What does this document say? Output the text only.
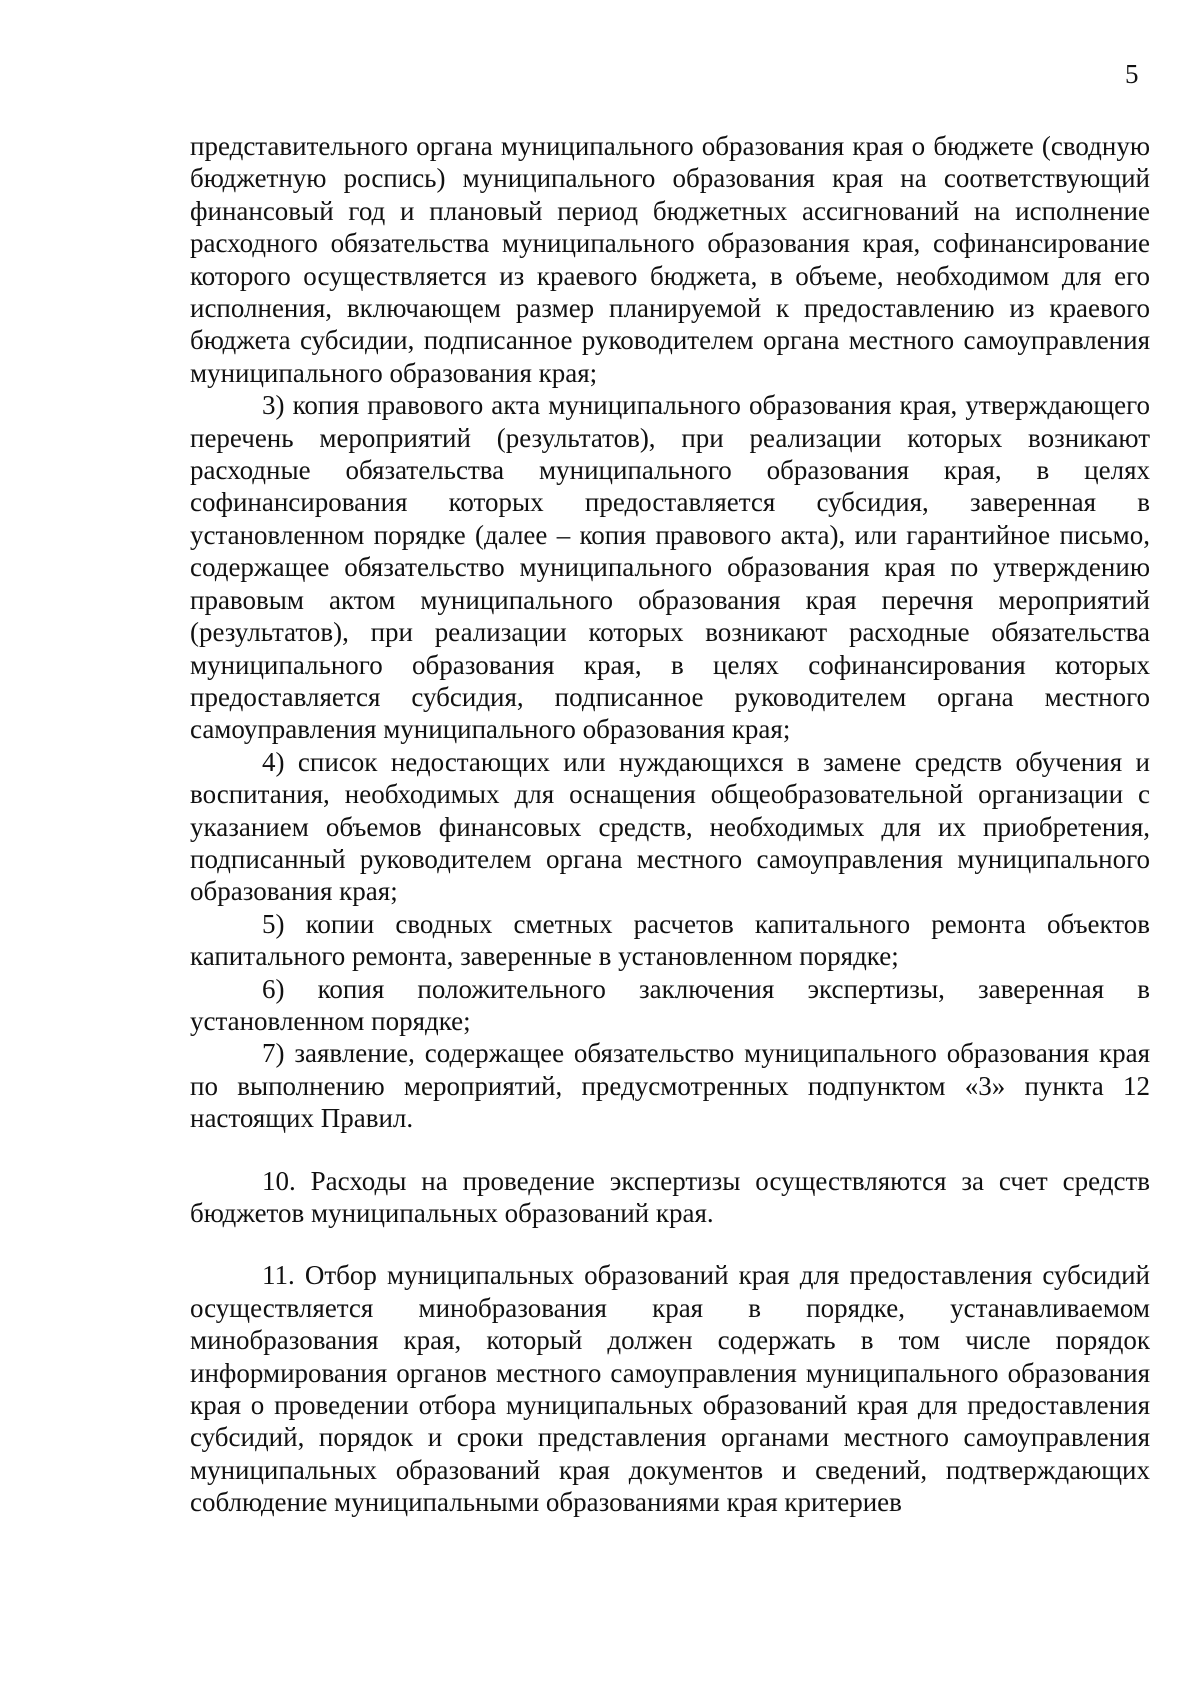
5

представительного органа муниципального образования края о бюджете (сводную бюджетную роспись) муниципального образования края на соответствующий финансовый год и плановый период бюджетных ассигнований на исполнение расходного обязательства муниципального образования края, софинансирование которого осуществляется из краевого бюджета, в объеме, необходимом для его исполнения, включающем размер планируемой к предоставлению из краевого бюджета субсидии, подписанное руководителем органа местного самоуправления муниципального образования края;

3) копия правового акта муниципального образования края, утверждающего перечень мероприятий (результатов), при реализации которых возникают расходные обязательства муниципального образования края, в целях софинансирования которых предоставляется субсидия, заверенная в установленном порядке (далее – копия правового акта), или гарантийное письмо, содержащее обязательство муниципального образования края по утверждению правовым актом муниципального образования края перечня мероприятий (результатов), при реализации которых возникают расходные обязательства муниципального образования края, в целях софинансирования которых предоставляется субсидия, подписанное руководителем органа местного самоуправления муниципального образования края;

4) список недостающих или нуждающихся в замене средств обучения и воспитания, необходимых для оснащения общеобразовательной организации с указанием объемов финансовых средств, необходимых для их приобретения, подписанный руководителем органа местного самоуправления муниципального образования края;

5) копии сводных сметных расчетов капитального ремонта объектов капитального ремонта, заверенные в установленном порядке;

6) копия положительного заключения экспертизы, заверенная в установленном порядке;

7) заявление, содержащее обязательство муниципального образования края по выполнению мероприятий, предусмотренных подпунктом «3» пункта 12 настоящих Правил.

10. Расходы на проведение экспертизы осуществляются за счет средств бюджетов муниципальных образований края.

11. Отбор муниципальных образований края для предоставления субсидий осуществляется минобразования края в порядке, устанавливаемом минобразования края, который должен содержать в том числе порядок информирования органов местного самоуправления муниципального образования края о проведении отбора муниципальных образований края для предоставления субсидий, порядок и сроки представления органами местного самоуправления муниципальных образований края документов и сведений, подтверждающих соблюдение муниципальными образованиями края критериев
